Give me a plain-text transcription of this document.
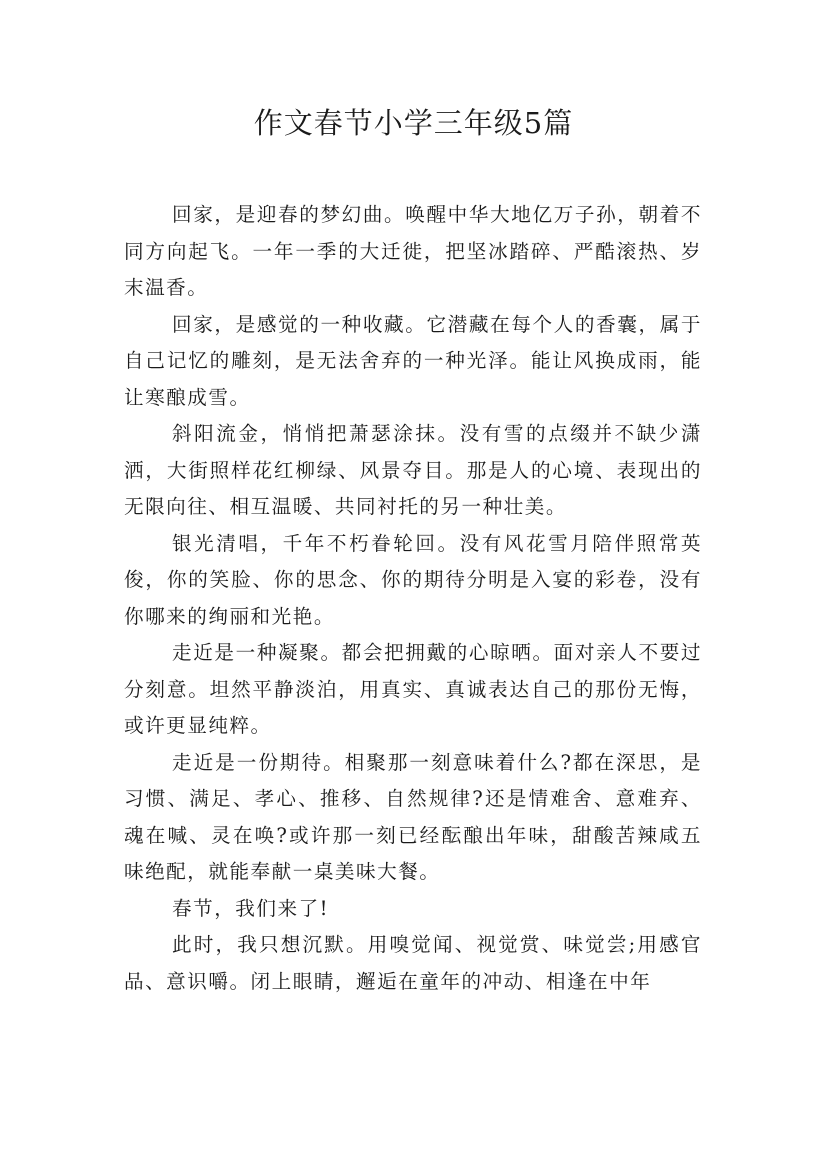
作文春节小学三年级5篇

回家，是迎春的梦幻曲。唤醒中华大地亿万子孙，朝着不同方向起飞。一年一季的大迁徙，把坚冰踏碎、严酷滚热、岁末温香。

回家，是感觉的一种收藏。它潜藏在每个人的香囊，属于自己记忆的雕刻，是无法舍弃的一种光泽。能让风换成雨，能让寒酿成雪。

斜阳流金，悄悄把萧瑟涂抹。没有雪的点缀并不缺少潇洒，大街照样花红柳绿、风景夺目。那是人的心境、表现出的无限向往、相互温暖、共同衬托的另一种壮美。

银光清唱，千年不朽眷轮回。没有风花雪月陪伴照常英俊，你的笑脸、你的思念、你的期待分明是入宴的彩卷，没有你哪来的绚丽和光艳。

走近是一种凝聚。都会把拥戴的心晾晒。面对亲人不要过分刻意。坦然平静淡泊，用真实、真诚表达自己的那份无悔，或许更显纯粹。

走近是一份期待。相聚那一刻意味着什么?都在深思，是习惯、满足、孝心、推移、自然规律?还是情难舍、意难弃、魂在喊、灵在唤?或许那一刻已经酝酿出年味，甜酸苦辣咸五味绝配，就能奉献一桌美味大餐。

春节，我们来了!

此时，我只想沉默。用嗅觉闻、视觉赏、味觉尝;用感官品、意识嚼。闭上眼睛，邂逅在童年的冲动、相逢在中年
